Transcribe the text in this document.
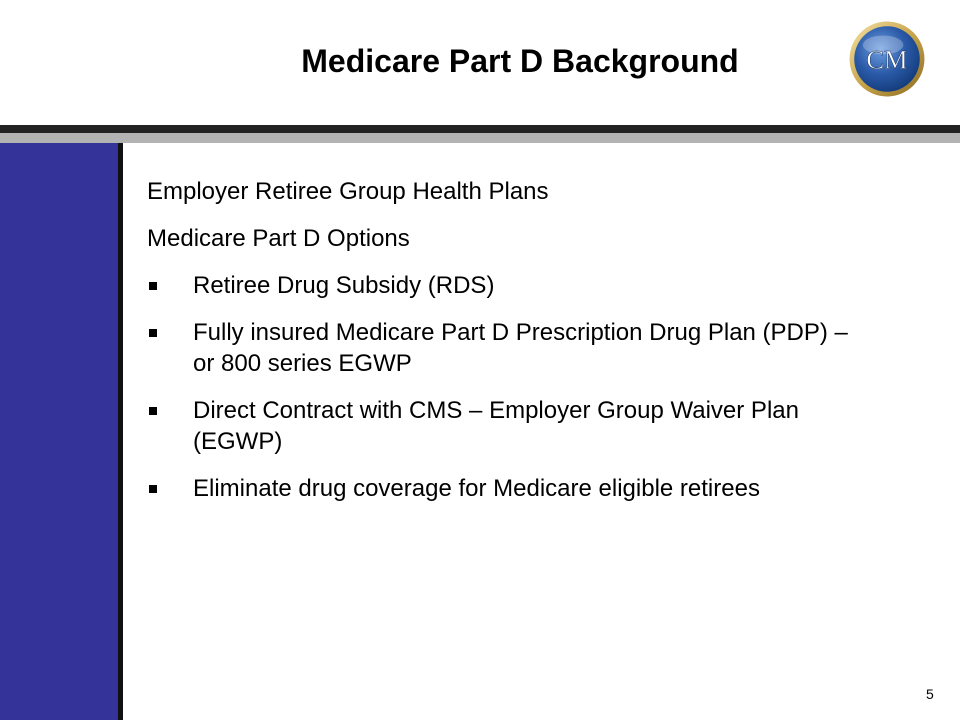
Medicare Part D Background	CM

Employer Retiree Group Health Plans

Medicare Part D Options

Retiree Drug Subsidy (RDS)
Fully insured Medicare Part D Prescription Drug Plan (PDP) – or 800 series EGWP
Direct Contract with CMS – Employer Group Waiver Plan (EGWP)
Eliminate drug coverage for Medicare eligible retirees
5
